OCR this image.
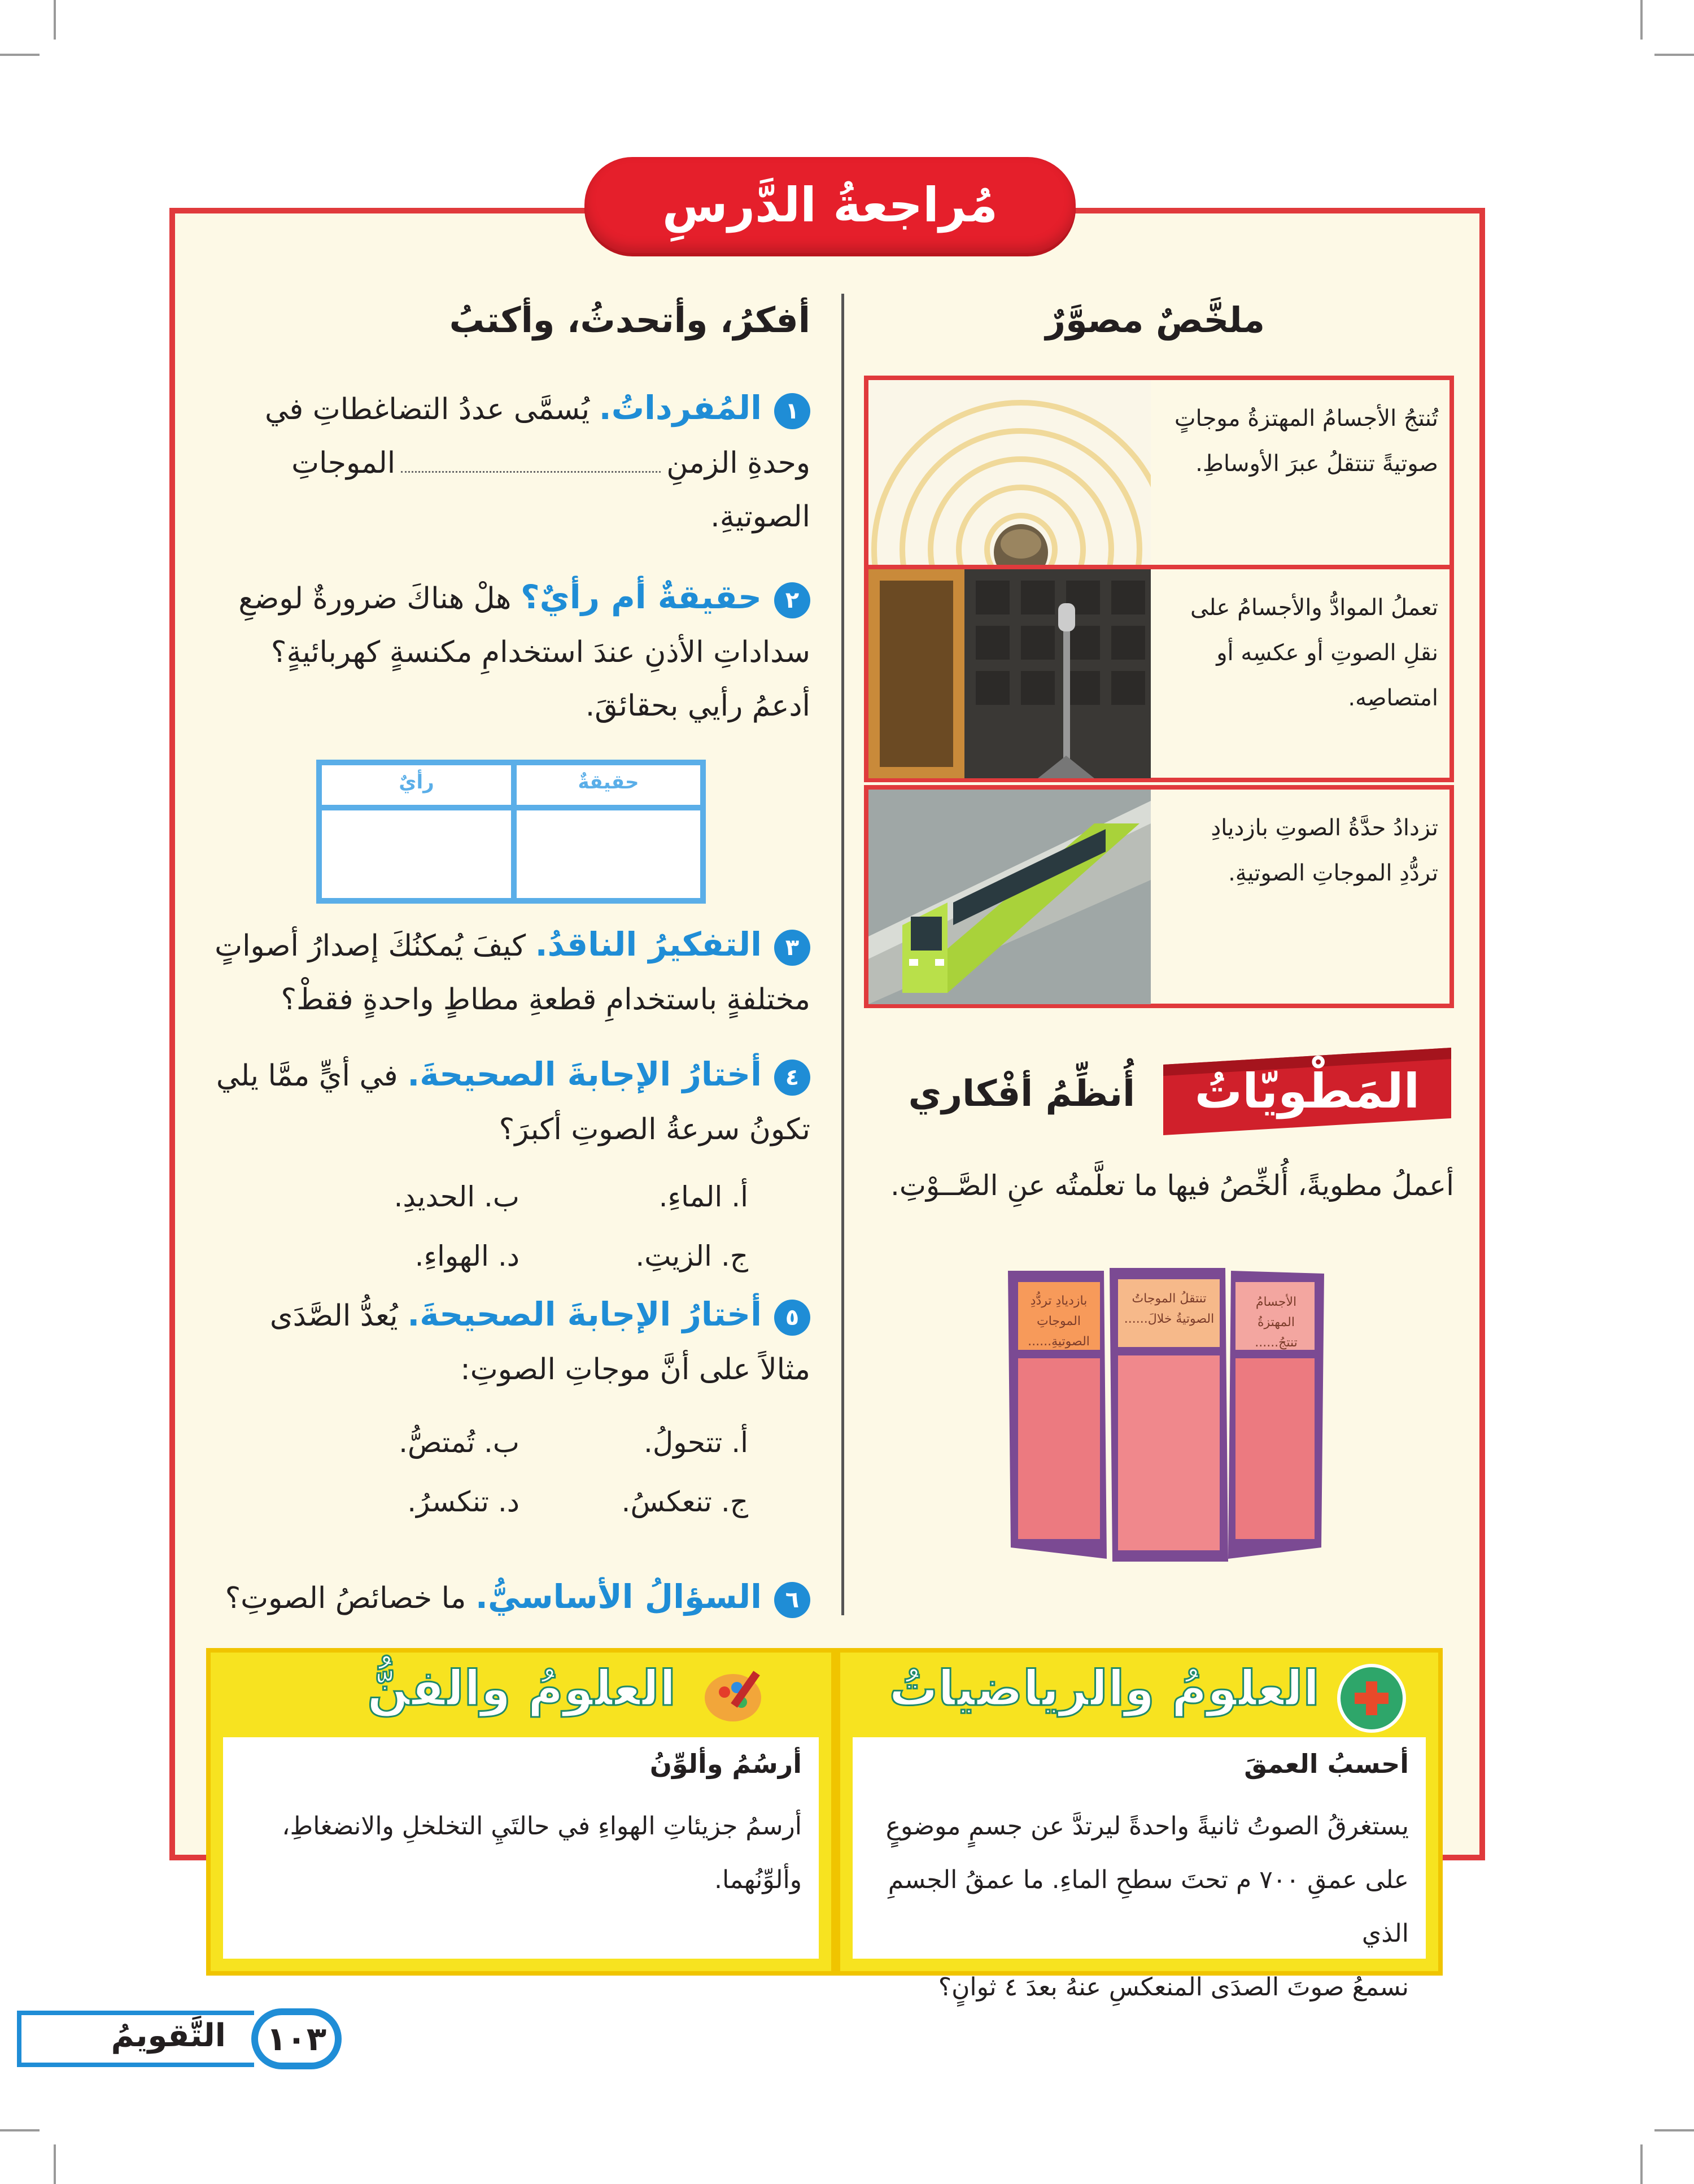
مُراجعةُ الدَّرسِ
ملخَّصٌ مصوَّرٌ
تُنتجُ الأجسامُ المهتزةُ موجاتٍ صوتيةً تنتقلُ عبرَ الأوساطِ.
تعملُ الموادُّ والأجسامُ على نقلِ الصوتِ أو عكسِه أو امتصاصِه.
تزدادُ حدَّةُ الصوتِ بازديادِ تردُّدِ الموجاتِ الصوتيةِ.
المَطْويّاتُ
أُنظِّمُ أفْكاري
أعملُ مطويةً، أُلخِّصُ فيها ما تعلَّمتُه عنِ الصَّــوْتِ.
الأجسامُ المهتزةُ تنتجُ......
تنتقلُ الموجاتُ الصوتيةُ خلالَ......
بازديادِ تردُّدِ الموجاتِ الصوتيةِ......
أفكرُ، وأتحدثُ، وأكتبُ
١المُفرداتُ. يُسمَّى عددُ التضاغطاتِ في
وحدةِ الزمنِالموجاتِ
الصوتيةِ.
٢حقيقةٌ أم رأيٌ؟ هلْ هناكَ ضرورةٌ لوضعِ
سداداتِ الأذنِ عندَ استخدامِ مكنسةٍ كهربائيةٍ؟
أدعمُ رأيي بحقائقَ.
حقيقةٌ
رأيٌ
٣التفكيرُ الناقدُ. كيفَ يُمكنُكَ إصدارُ أصواتٍ
مختلفةٍ باستخدامِ قطعةِ مطاطٍ واحدةٍ فقطْ؟
٤أختارُ الإجابةَ الصحيحةَ. في أيٍّ ممَّا يلي
تكونُ سرعةُ الصوتِ أكبرَ؟
أ. الماءِ.
ب. الحديدِ.
ج. الزيتِ.
د. الهواءِ.
٥أختارُ الإجابةَ الصحيحةَ. يُعدُّ الصَّدَى
مثالاً على أنَّ موجاتِ الصوتِ:
أ. تتحولُ.
ب. تُمتصُّ.
ج. تنعكسُ.
د. تنكسرُ.
٦السؤالُ الأساسيُّ. ما خصائصُ الصوتِ؟
العلومُ والرياضياتُ
أحسبُ العمقَ
يستغرقُ الصوتُ ثانيةً واحدةً ليرتدَّ عن جسمٍ موضوعٍ
على عمقِ ٧٠٠ م تحتَ سطحِ الماءِ. ما عمقُ الجسمِ الذي
نسمعُ صوتَ الصدَى المنعكسِ عنهُ بعدَ ٤ ثوانٍ؟
العلومُ والفنُّ
أرسُمُ وألوِّنُ
أرسمُ جزيئاتِ الهواءِ في حالتَيِ التخلخلِ والانضغاطِ،
وألوِّنُهما.
١٠٣
التَّقويمُ
